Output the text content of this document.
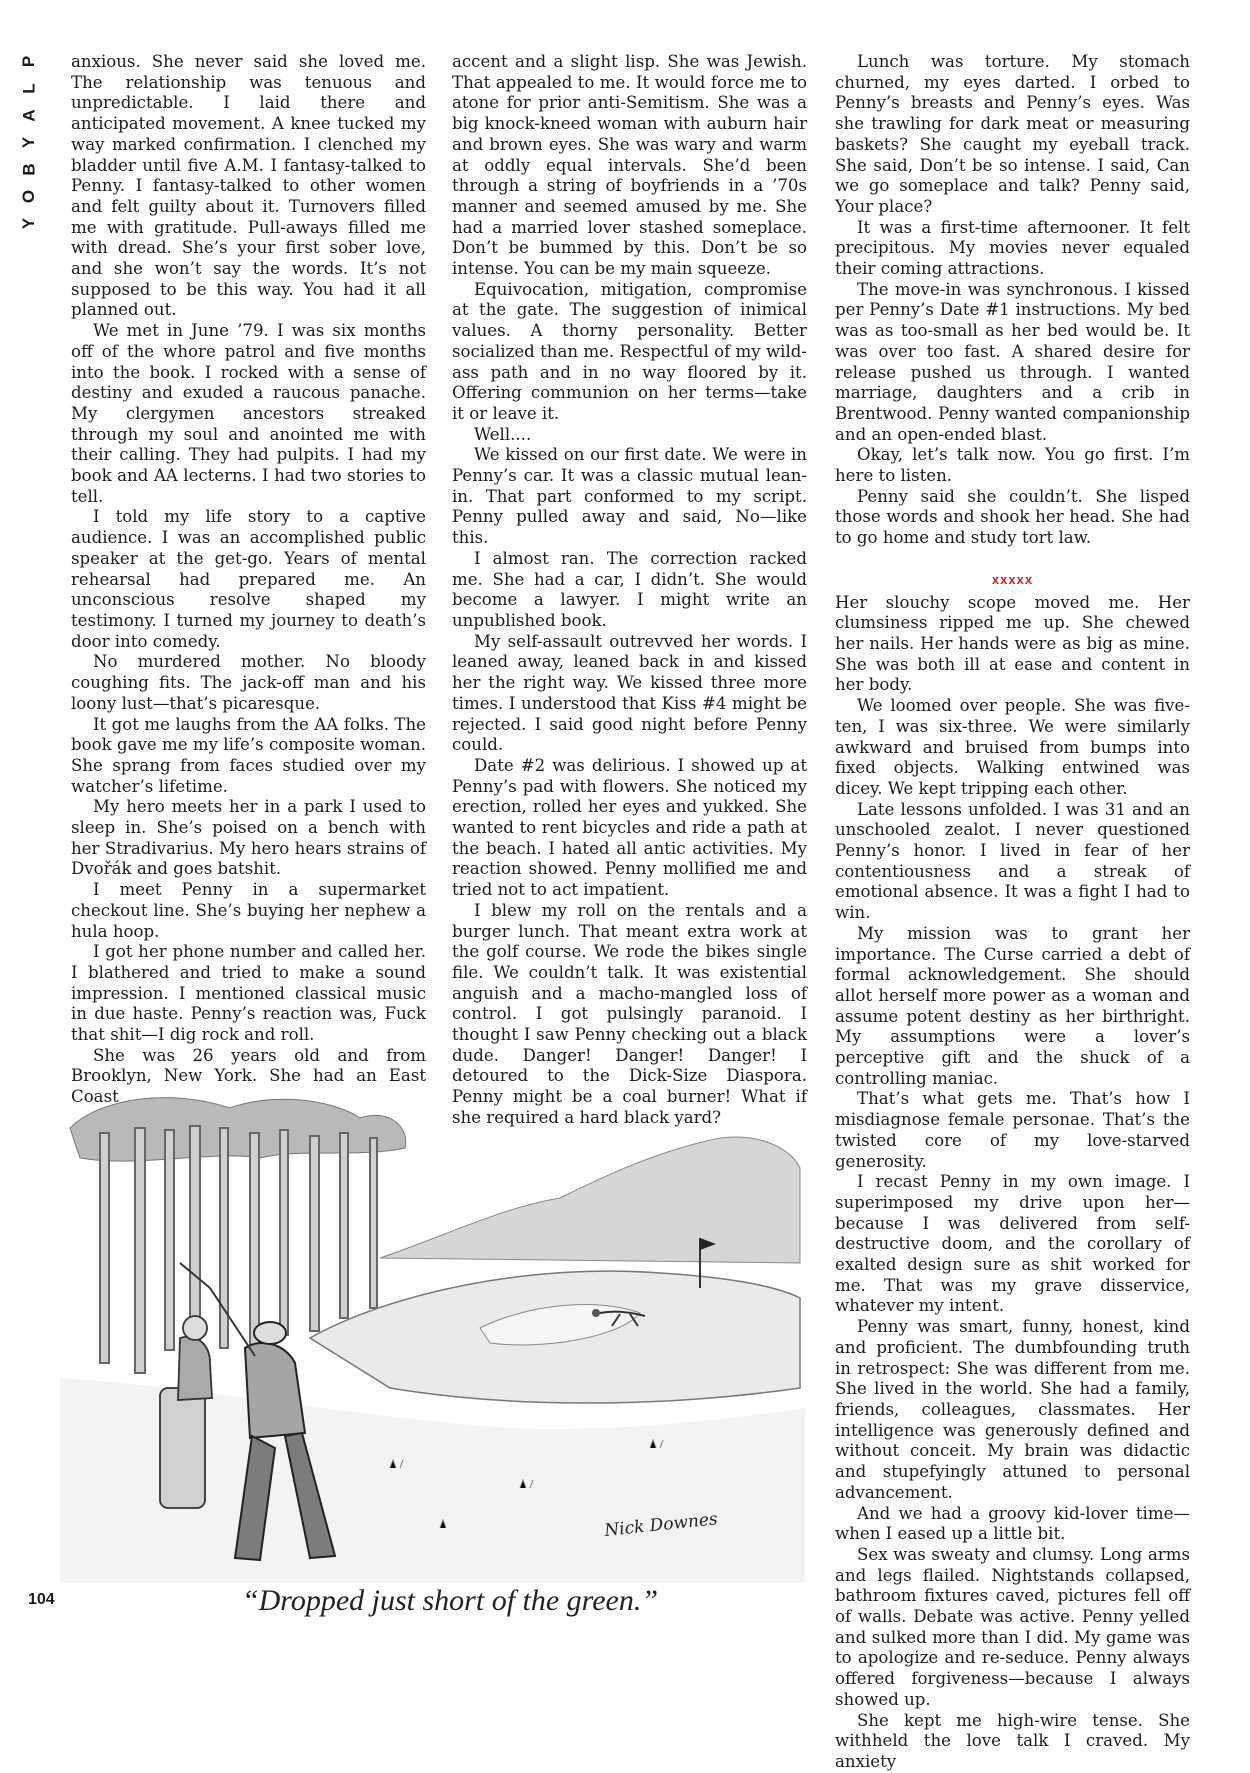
P
L
A
Y
B
O
Y

anxious. She never said she loved me. The relationship was tenuous and unpredictable. I laid there and anticipated movement. A knee tucked my way marked confirmation. I clenched my bladder until five A.M. I fantasy-talked to Penny. I fantasy-talked to other women and felt guilty about it. Turnovers filled me with gratitude. Pull-aways filled me with dread. She’s your first sober love, and she won’t say the words. It’s not supposed to be this way. You had it all planned out.

We met in June ’79. I was six months off of the whore patrol and five months into the book. I rocked with a sense of destiny and exuded a raucous panache. My clergymen ancestors streaked through my soul and anointed me with their calling. They had pulpits. I had my book and AA lecterns. I had two stories to tell.

I told my life story to a captive audience. I was an accomplished public speaker at the get-go. Years of mental rehearsal had prepared me. An unconscious resolve shaped my testimony. I turned my journey to death’s door into comedy.

No murdered mother. No bloody coughing fits. The jack-off man and his loony lust—that’s picaresque.

It got me laughs from the AA folks. The book gave me my life’s composite woman. She sprang from faces studied over my watcher’s lifetime.

My hero meets her in a park I used to sleep in. She’s poised on a bench with her Stradivarius. My hero hears strains of Dvořák and goes batshit.

I meet Penny in a supermarket checkout line. She’s buying her nephew a hula hoop.

I got her phone number and called her. I blathered and tried to make a sound impression. I mentioned classical music in due haste. Penny’s reaction was, Fuck that shit—I dig rock and roll.

She was 26 years old and from Brooklyn, New York. She had an East Coast

accent and a slight lisp. She was Jewish. That appealed to me. It would force me to atone for prior anti-Semitism. She was a big knock-kneed woman with auburn hair and brown eyes. She was wary and warm at oddly equal intervals. She’d been through a string of boyfriends in a ’70s manner and seemed amused by me. She had a married lover stashed someplace. Don’t be bummed by this. Don’t be so intense. You can be my main squeeze.

Equivocation, mitigation, compromise at the gate. The suggestion of inimical values. A thorny personality. Better socialized than me. Respectful of my wild-ass path and in no way floored by it. Offering communion on her terms—take it or leave it.

Well....

We kissed on our first date. We were in Penny’s car. It was a classic mutual lean-in. That part conformed to my script. Penny pulled away and said, No—like this.

I almost ran. The correction racked me. She had a car, I didn’t. She would become a lawyer. I might write an unpublished book.

My self-assault outrevved her words. I leaned away, leaned back in and kissed her the right way. We kissed three more times. I understood that Kiss #4 might be rejected. I said good night before Penny could.

Date #2 was delirious. I showed up at Penny’s pad with flowers. She noticed my erection, rolled her eyes and yukked. She wanted to rent bicycles and ride a path at the beach. I hated all antic activities. My reaction showed. Penny mollified me and tried not to act impatient.

I blew my roll on the rentals and a burger lunch. That meant extra work at the golf course. We rode the bikes single file. We couldn’t talk. It was existential anguish and a macho-mangled loss of control. I got pulsingly paranoid. I thought I saw Penny checking out a black dude. Danger! Danger! Danger! I detoured to the Dick-Size Diaspora. Penny might be a coal burner! What if she required a hard black yard?

Lunch was torture. My stomach churned, my eyes darted. I orbed to Penny’s breasts and Penny’s eyes. Was she trawling for dark meat or measuring baskets? She caught my eyeball track. She said, Don’t be so intense. I said, Can we go someplace and talk? Penny said, Your place?

It was a first-time afternooner. It felt precipitous. My movies never equaled their coming attractions.

The move-in was synchronous. I kissed per Penny’s Date #1 instructions. My bed was as too-small as her bed would be. It was over too fast. A shared desire for release pushed us through. I wanted marriage, daughters and a crib in Brentwood. Penny wanted companionship and an open-ended blast.

Okay, let’s talk now. You go first. I’m here to listen.

Penny said she couldn’t. She lisped those words and shook her head. She had to go home and study tort law.

xxxxx

Her slouchy scope moved me. Her clumsiness ripped me up. She chewed her nails. Her hands were as big as mine. She was both ill at ease and content in her body.

We loomed over people. She was five-ten, I was six-three. We were similarly awkward and bruised from bumps into fixed objects. Walking entwined was dicey. We kept tripping each other.

Late lessons unfolded. I was 31 and an unschooled zealot. I never questioned Penny’s honor. I lived in fear of her contentiousness and a streak of emotional absence. It was a fight I had to win.

My mission was to grant her importance. The Curse carried a debt of formal acknowledgement. She should allot herself more power as a woman and assume potent destiny as her birthright. My assumptions were a lover’s perceptive gift and the shuck of a controlling maniac.

That’s what gets me. That’s how I misdiagnose female personae. That’s the twisted core of my love-starved generosity.

I recast Penny in my own image. I superimposed my drive upon her—because I was delivered from self-destructive doom, and the corollary of exalted design sure as shit worked for me. That was my grave disservice, whatever my intent.

Penny was smart, funny, honest, kind and proficient. The dumbfounding truth in retrospect: She was different from me. She lived in the world. She had a family, friends, colleagues, classmates. Her intelligence was generously defined and without conceit. My brain was didactic and stupefyingly attuned to personal advancement.

And we had a groovy kid-lover time—when I eased up a little bit.

Sex was sweaty and clumsy. Long arms and legs flailed. Nightstands collapsed, bathroom fixtures caved, pictures fell off of walls. Debate was active. Penny yelled and sulked more than I did. My game was to apologize and re-seduce. Penny always offered forgiveness—because I always showed up.

She kept me high-wire tense. She withheld the love talk I craved. My anxiety

Nick Downes
“Dropped just short of the green.”
104
